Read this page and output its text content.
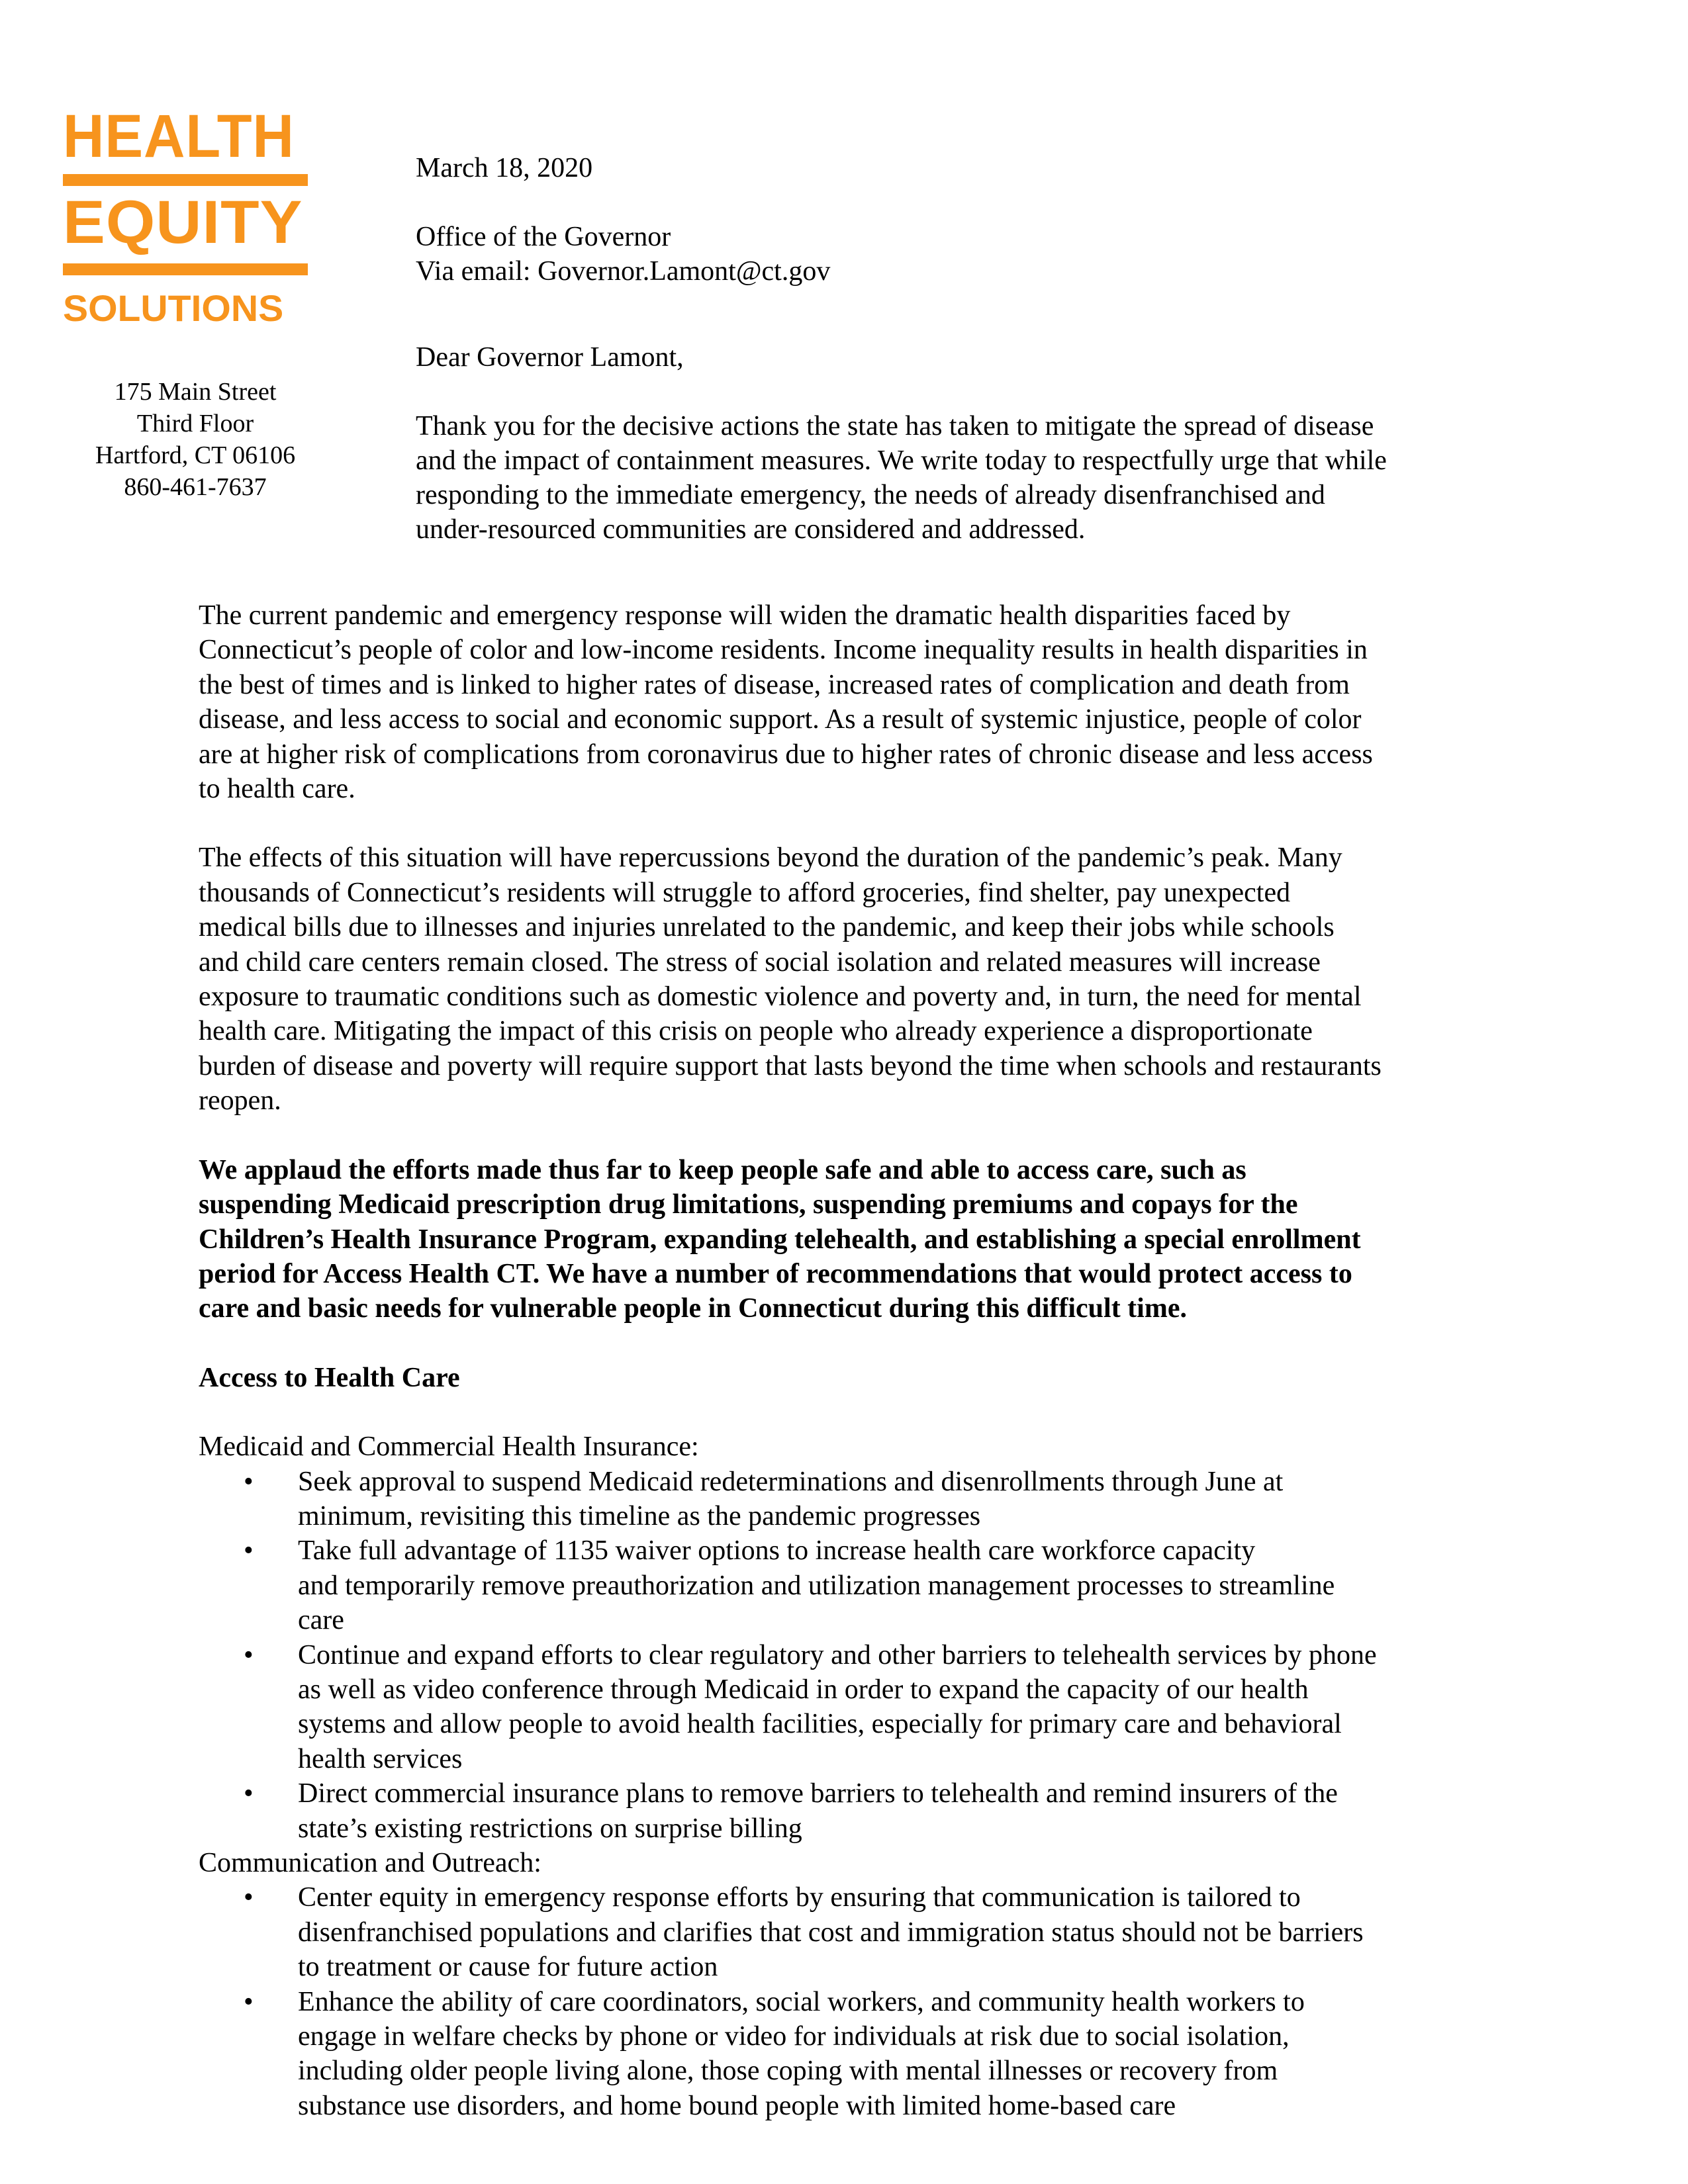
HEALTH
EQUITY
SOLUTIONS
175 Main Street
Third Floor
Hartford, CT 06106
860-461-7637
March 18, 2020
Office of the Governor
Via email: Governor.Lamont@ct.gov
Dear Governor Lamont,
Thank you for the decisive actions the state has taken to mitigate the spread of disease
and the impact of containment measures. We write today to respectfully urge that while
responding to the immediate emergency, the needs of already disenfranchised and
under-resourced communities are considered and addressed.
The current pandemic and emergency response will widen the dramatic health disparities faced by
Connecticut’s people of color and low-income residents. Income inequality results in health disparities in
the best of times and is linked to higher rates of disease, increased rates of complication and death from
disease, and less access to social and economic support. As a result of systemic injustice, people of color
are at higher risk of complications from coronavirus due to higher rates of chronic disease and less access
to health care.
The effects of this situation will have repercussions beyond the duration of the pandemic’s peak. Many
thousands of Connecticut’s residents will struggle to afford groceries, find shelter, pay unexpected
medical bills due to illnesses and injuries unrelated to the pandemic, and keep their jobs while schools
and child care centers remain closed. The stress of social isolation and related measures will increase
exposure to traumatic conditions such as domestic violence and poverty and, in turn, the need for mental
health care. Mitigating the impact of this crisis on people who already experience a disproportionate
burden of disease and poverty will require support that lasts beyond the time when schools and restaurants
reopen.
We applaud the efforts made thus far to keep people safe and able to access care, such as
suspending Medicaid prescription drug limitations, suspending premiums and copays for the
Children’s Health Insurance Program, expanding telehealth, and establishing a special enrollment
period for Access Health CT. We have a number of recommendations that would protect access to
care and basic needs for vulnerable people in Connecticut during this difficult time.
Access to Health Care
Medicaid and Commercial Health Insurance:
• Seek approval to suspend Medicaid redeterminations and disenrollments through June at
minimum, revisiting this timeline as the pandemic progresses
• Take full advantage of 1135 waiver options to increase health care workforce capacity
and temporarily remove preauthorization and utilization management processes to streamline
care
• Continue and expand efforts to clear regulatory and other barriers to telehealth services by phone
as well as video conference through Medicaid in order to expand the capacity of our health
systems and allow people to avoid health facilities, especially for primary care and behavioral
health services
• Direct commercial insurance plans to remove barriers to telehealth and remind insurers of the
state’s existing restrictions on surprise billing
Communication and Outreach:
• Center equity in emergency response efforts by ensuring that communication is tailored to
disenfranchised populations and clarifies that cost and immigration status should not be barriers
to treatment or cause for future action
• Enhance the ability of care coordinators, social workers, and community health workers to
engage in welfare checks by phone or video for individuals at risk due to social isolation,
including older people living alone, those coping with mental illnesses or recovery from
substance use disorders, and home bound people with limited home-based care
